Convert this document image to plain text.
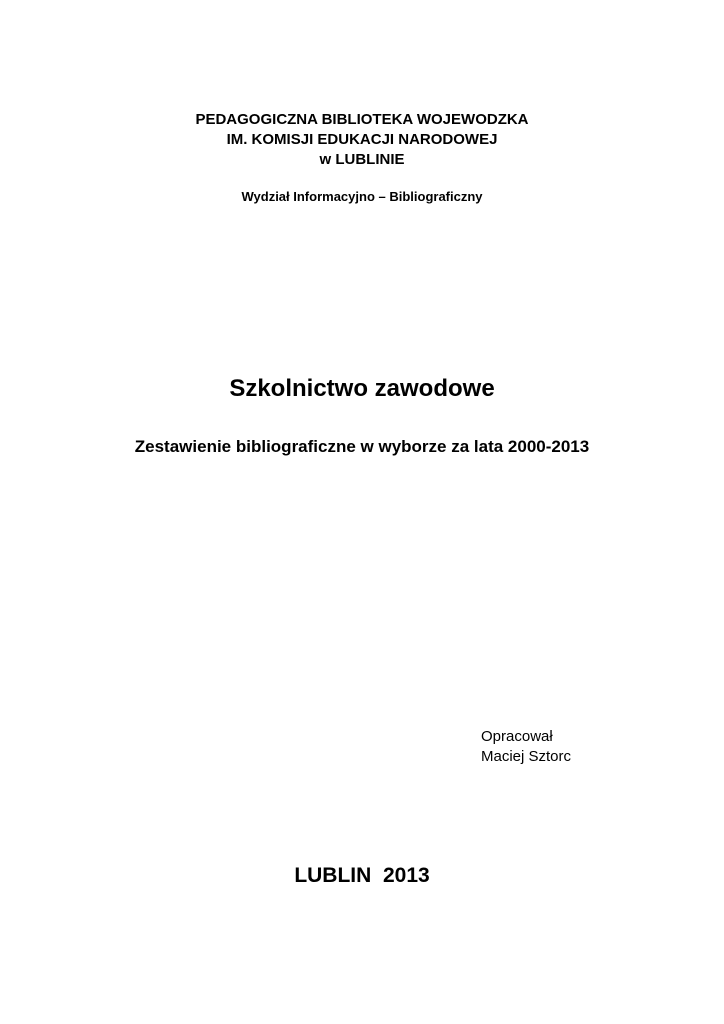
PEDAGOGICZNA BIBLIOTEKA WOJEWODZKA
IM. KOMISJI EDUKACJI NARODOWEJ
w LUBLINIE
Wydział Informacyjno – Bibliograficzny
Szkolnictwo zawodowe
Zestawienie bibliograficzne w wyborze za lata 2000-2013
Opracował
Maciej Sztorc
LUBLIN  2013
